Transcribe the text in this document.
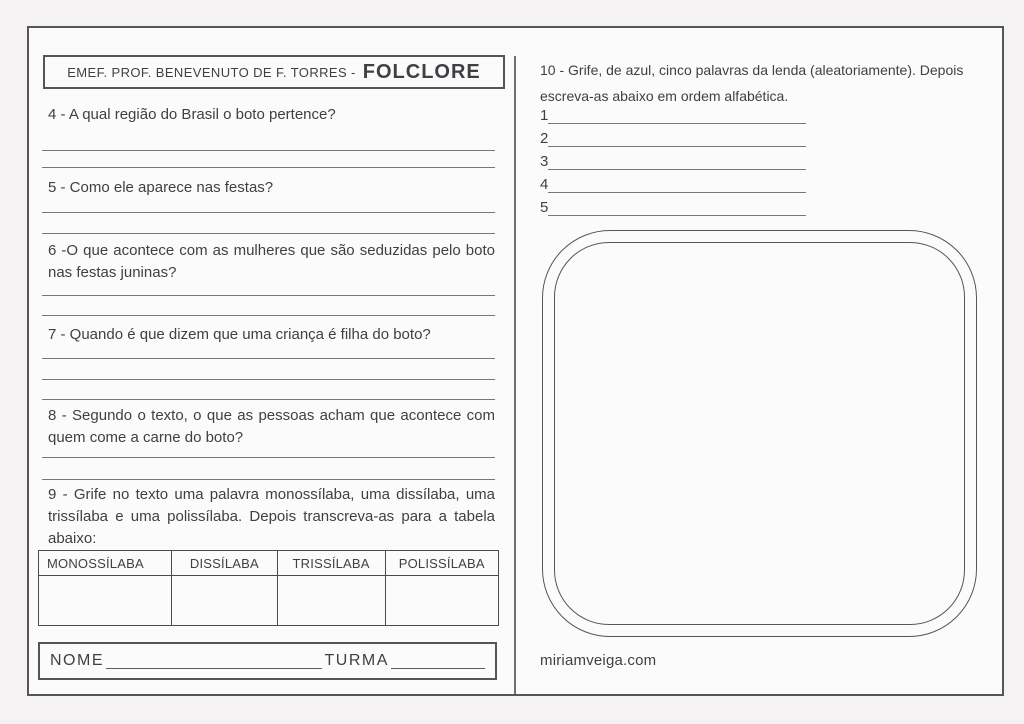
EMEF. PROF. BENEVENUTO DE F. TORRES - FOLCLORE
4 - A qual região do Brasil o boto pertence?
5 - Como ele aparece nas festas?
6 -O que acontece com as mulheres que são seduzidas pelo boto
nas festas juninas?
7 - Quando é que dizem que uma criança é filha do boto?
8 - Segundo o texto, o que as pessoas acham que acontece com
quem come a carne do boto?
9 - Grife no texto uma palavra monossílaba, uma dissílaba, uma
trissílaba e uma polissílaba. Depois transcreva-as para a tabela
abaixo:
MONOSSÍLABA	DISSÍLABA	TRISSÍLABA	POLISSÍLABA
NOME	TURMA
10 - Grife, de azul, cinco palavras da lenda (aleatoriamente). Depois
escreva-as abaixo em ordem alfabética.
1
2
3
4
5
miriamveiga.com
